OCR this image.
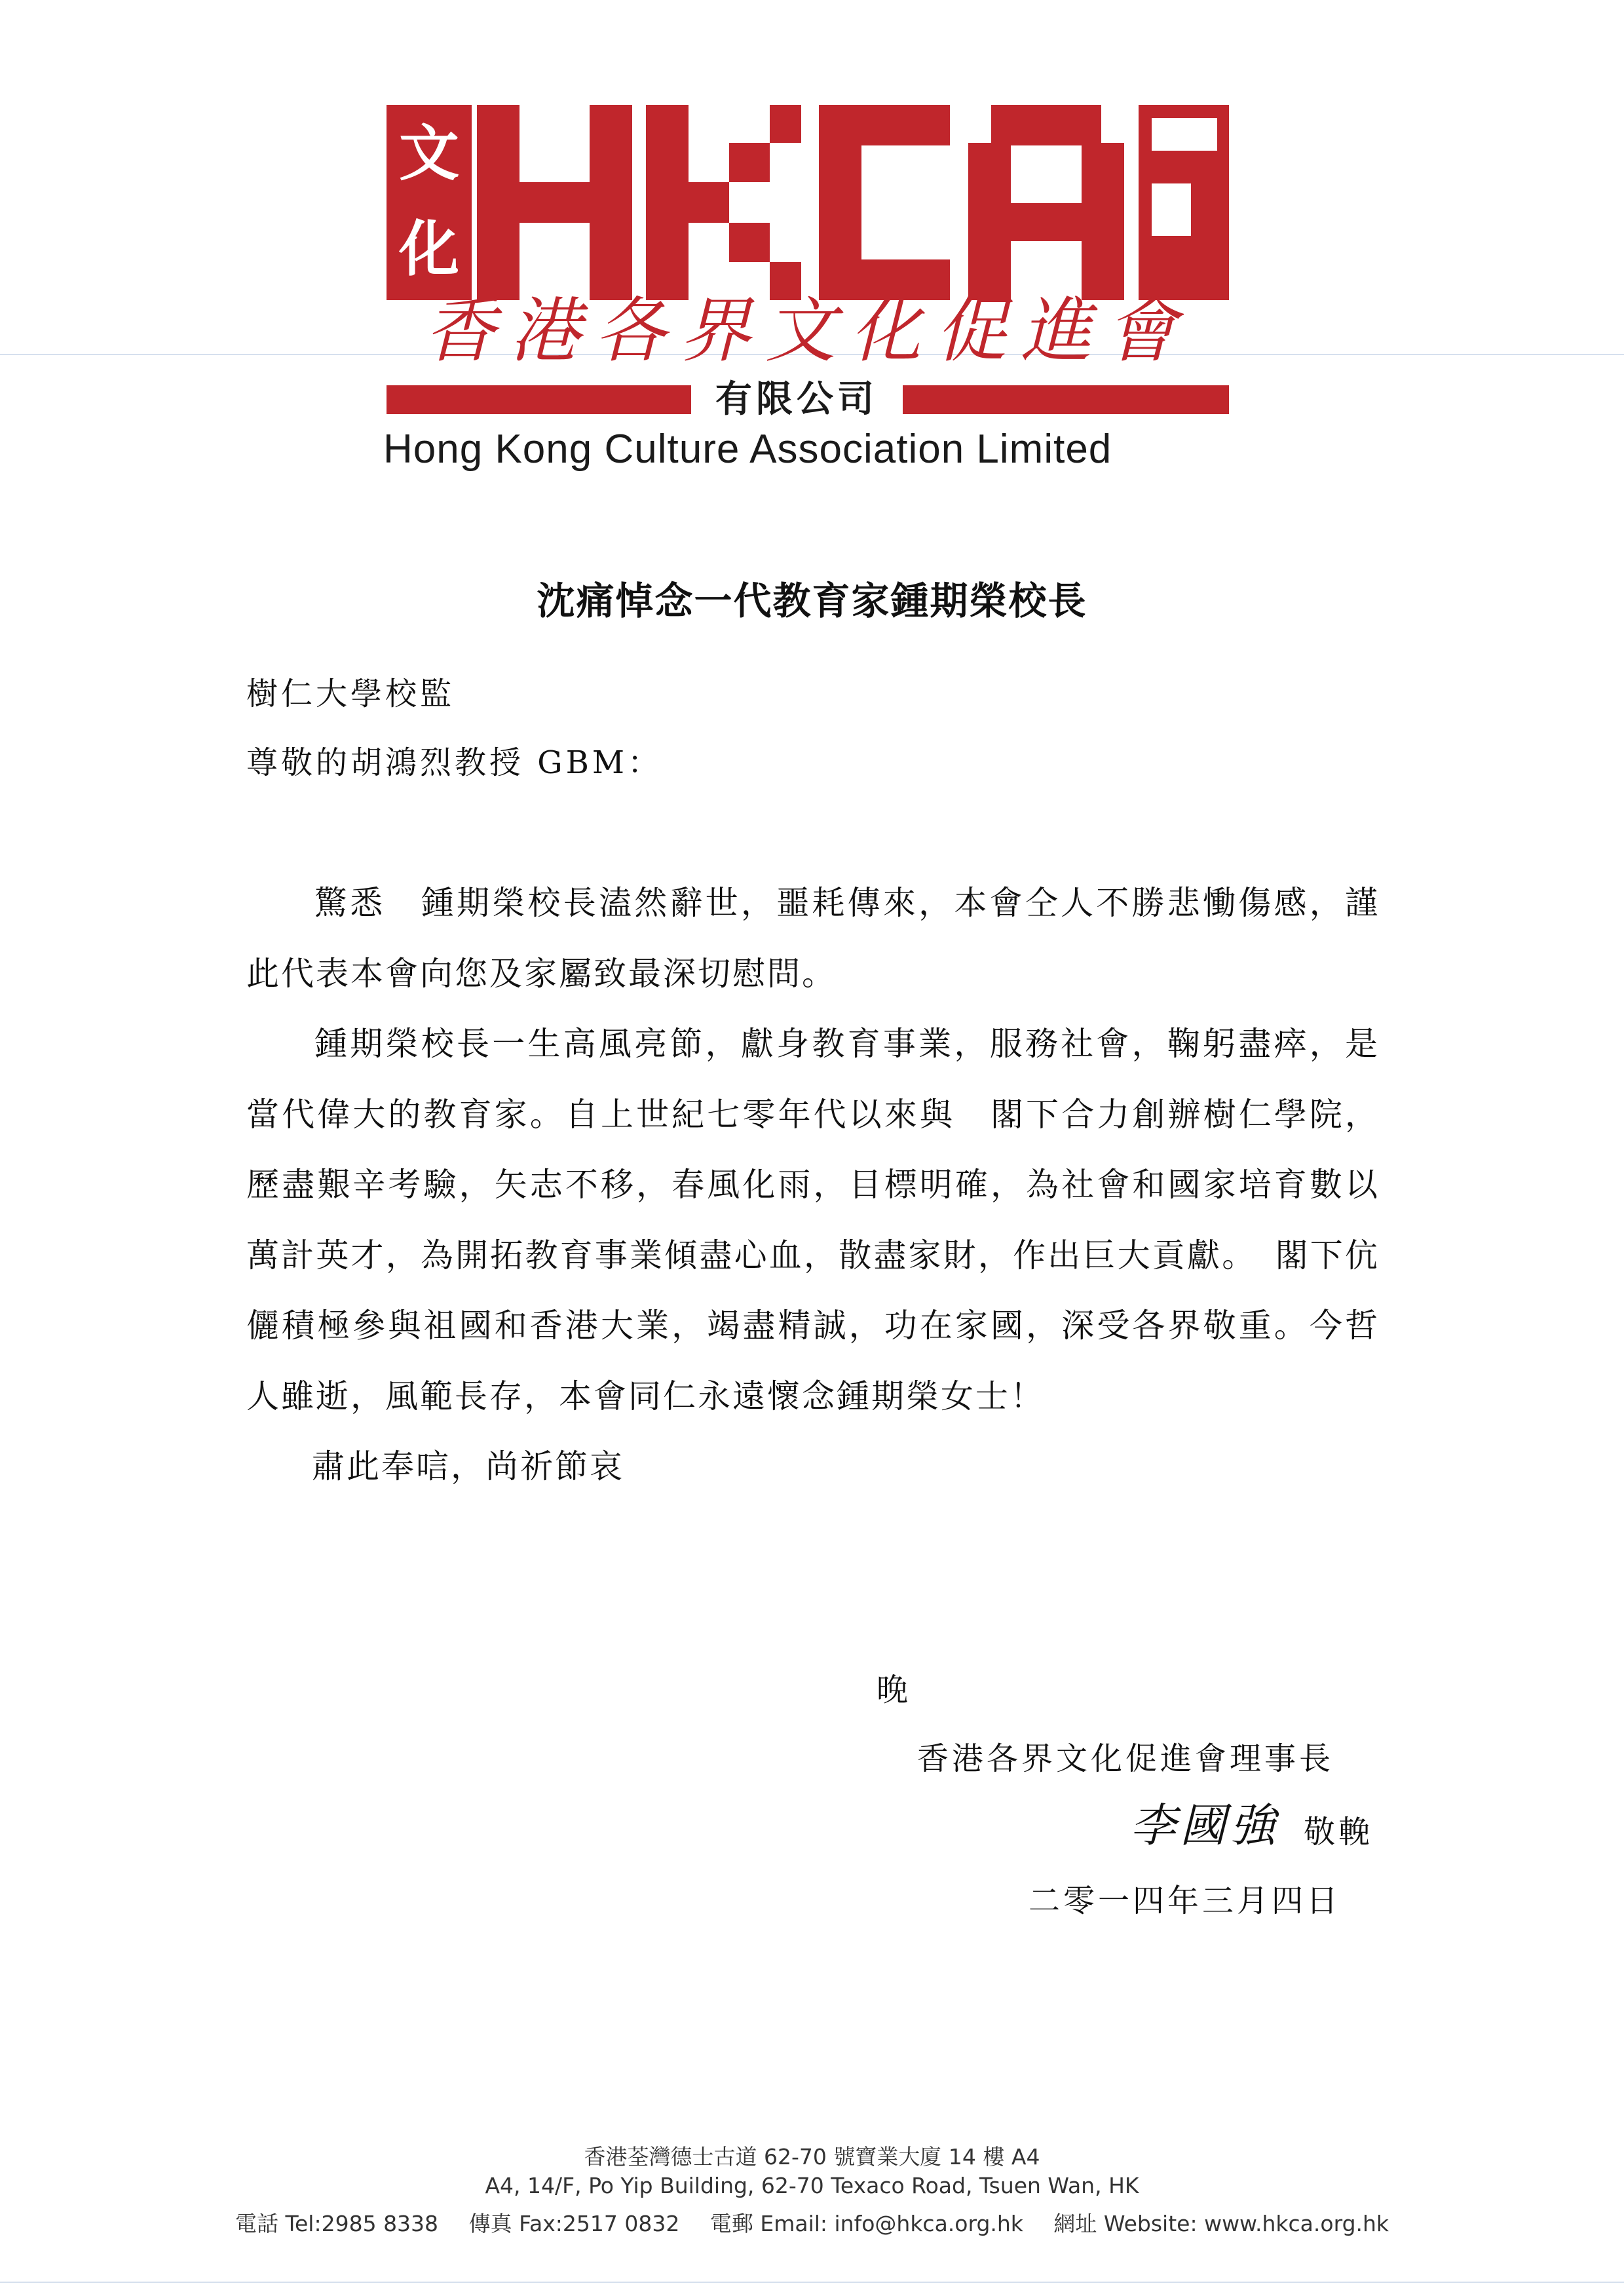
文
化
香港各界文化促進會
有限公司
Hong Kong Culture Association Limited
沈痛悼念一代教育家鍾期榮校長
樹仁大學校監
尊敬的胡鴻烈教授 GBM：

驚悉　鍾期榮校長溘然辭世，噩耗傳來，本會仝人不勝悲慟傷感，謹此代表本會向您及家屬致最深切慰問。

鍾期榮校長一生高風亮節，獻身教育事業，服務社會，鞠躬盡瘁，是當代偉大的教育家。自上世紀七零年代以來與　閣下合力創辦樹仁學院，歷盡艱辛考驗，矢志不移，春風化雨，目標明確，為社會和國家培育數以萬計英才，為開拓教育事業傾盡心血，散盡家財，作出巨大貢獻。　閣下伉儷積極參與祖國和香港大業，竭盡精誠，功在家國，深受各界敬重。今哲人雖逝，風範長存，本會同仁永遠懷念鍾期榮女士！

肅此奉唁，尚祈節哀

晚
香港各界文化促進會理事長
李國強 敬輓
二零一四年三月四日
香港荃灣德士古道 62-70 號寶業大廈 14 樓 A4
A4, 14/F, Po Yip Building, 62-70 Texaco Road, Tsuen Wan, HK
電話 Tel:2985 8338 傳真 Fax:2517 0832 電郵 Email: info@hkca.org.hk 網址 Website: www.hkca.org.hk
